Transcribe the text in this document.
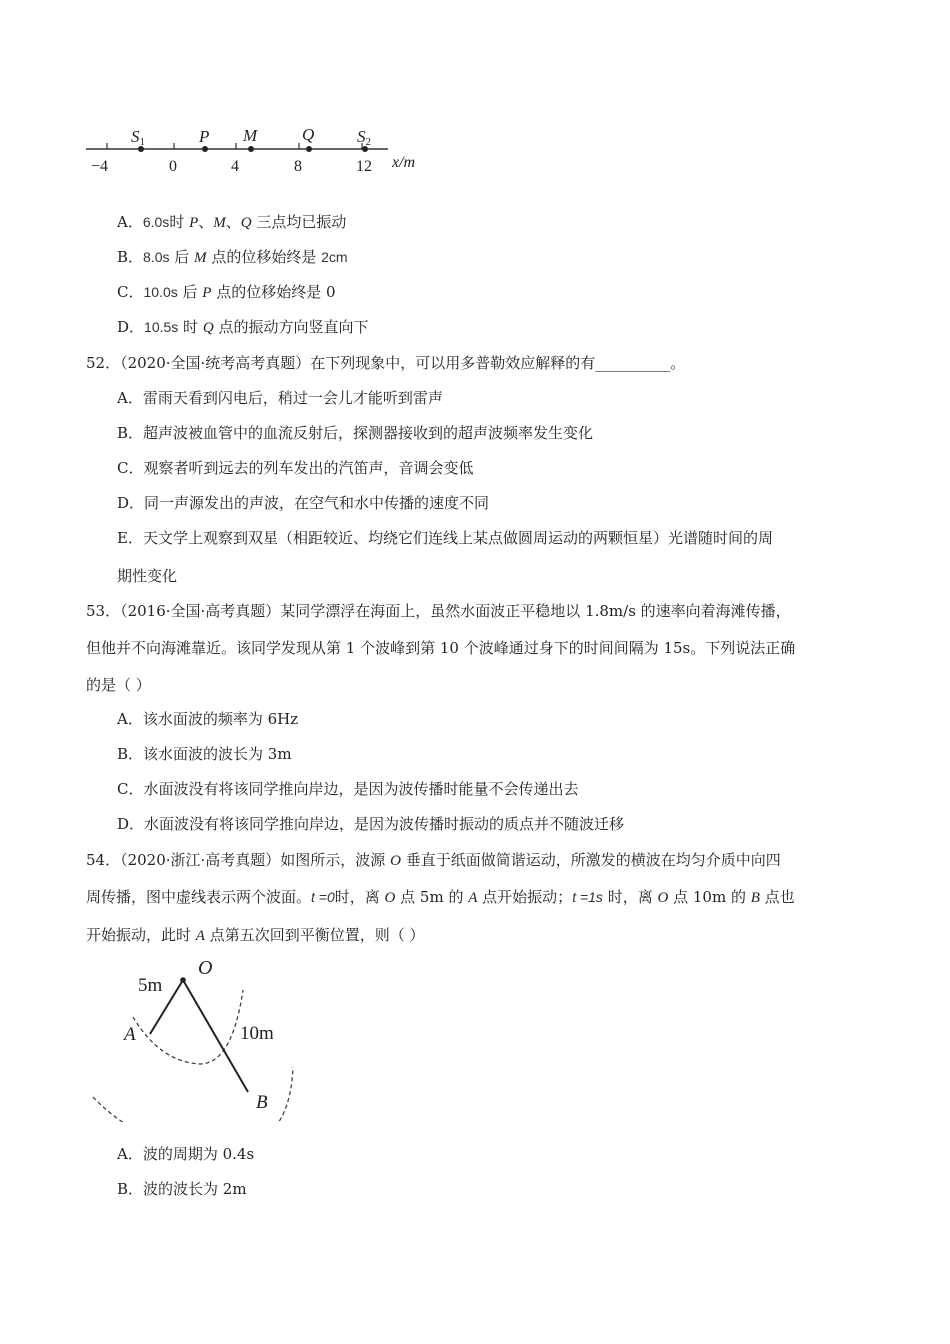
S1	P M	Q	S2
−4	0	4	8	12 x/m
A．6.0s时 P、M、Q 三点均已振动
B．8.0s 后 M 点的位移始终是 2cm
C．10.0s 后 P 点的位移始终是 0
D．10.5s 时 Q 点的振动方向竖直向下
52．（2020·全国·统考高考真题）在下列现象中，可以用多普勒效应解释的有__________。
A．雷雨天看到闪电后，稍过一会儿才能听到雷声
B．超声波被血管中的血流反射后，探测器接收到的超声波频率发生变化
C．观察者听到远去的列车发出的汽笛声，音调会变低
D．同一声源发出的声波，在空气和水中传播的速度不同
E．天文学上观察到双星（相距较近、均绕它们连线上某点做圆周运动的两颗恒星）光谱随时间的周
期性变化
53．（2016·全国·高考真题）某同学漂浮在海面上，虽然水面波正平稳地以 1.8m/s 的速率向着海滩传播，
但他并不向海滩靠近。该同学发现从第 1 个波峰到第 10 个波峰通过身下的时间间隔为 15s。下列说法正确
的是（ ）
A．该水面波的频率为 6Hz
B．该水面波的波长为 3m
C．水面波没有将该同学推向岸边，是因为波传播时能量不会传递出去
D．水面波没有将该同学推向岸边，是因为波传播时振动的质点并不随波迁移
54．（2020·浙江·高考真题）如图所示，波源 O 垂直于纸面做简谐运动，所激发的横波在均匀介质中向四
周传播，图中虚线表示两个波面。t =0时，离 O 点 5m 的 A 点开始振动；t =1s 时，离 O 点 10m 的 B 点也
开始振动，此时 A 点第五次回到平衡位置，则（ ）
O
5m
A	10m
B
A．波的周期为 0.4s
B．波的波长为 2m
